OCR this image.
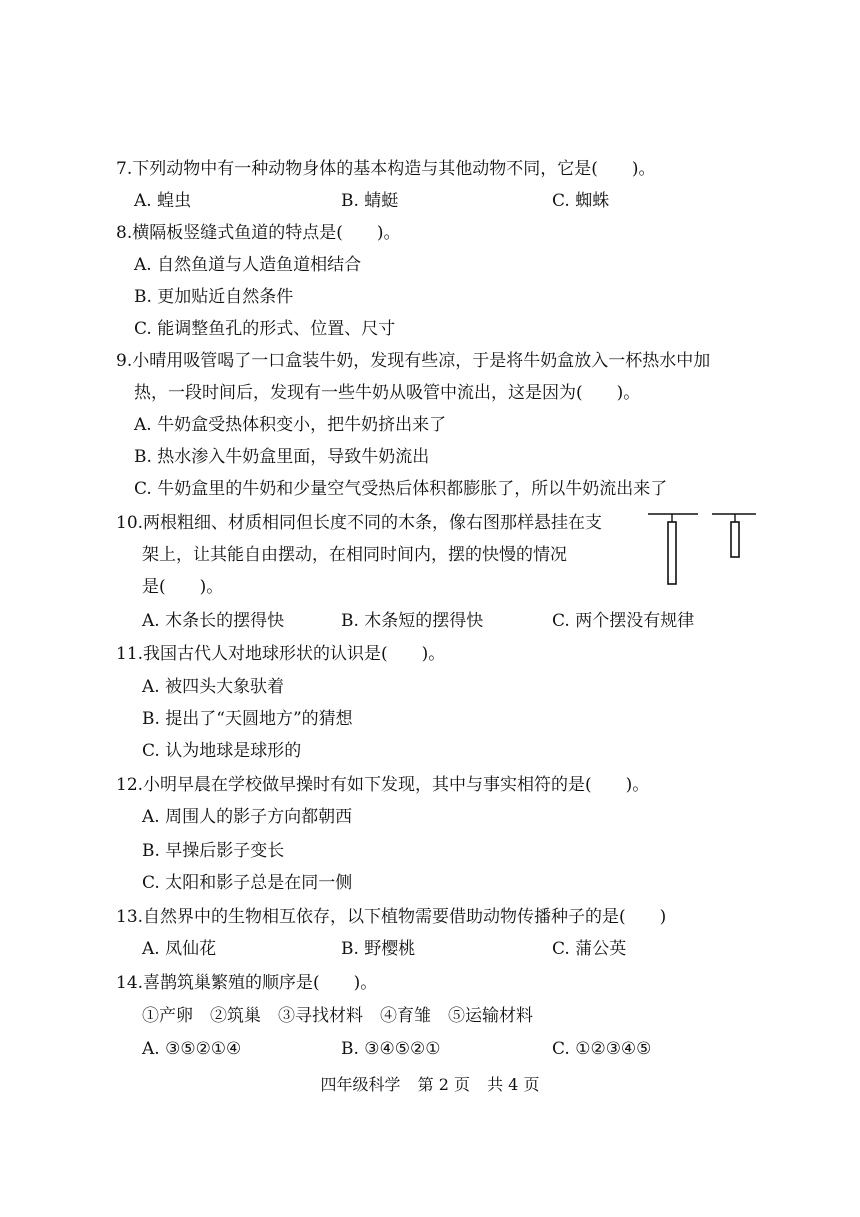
7.下列动物中有一种动物身体的基本构造与其他动物不同，它是(　　)。
A. 蝗虫	B. 蜻蜓	C. 蜘蛛
8.横隔板竖缝式鱼道的特点是(　　)。
A. 自然鱼道与人造鱼道相结合
B. 更加贴近自然条件
C. 能调整鱼孔的形式、位置、尺寸
9.小晴用吸管喝了一口盒装牛奶，发现有些凉，于是将牛奶盒放入一杯热水中加
热，一段时间后，发现有一些牛奶从吸管中流出，这是因为(　　)。
A. 牛奶盒受热体积变小，把牛奶挤出来了
B. 热水渗入牛奶盒里面，导致牛奶流出
C. 牛奶盒里的牛奶和少量空气受热后体积都膨胀了，所以牛奶流出来了
10.两根粗细、材质相同但长度不同的木条，像右图那样悬挂在支
架上，让其能自由摆动，在相同时间内，摆的快慢的情况
是(　　)。
A. 木条长的摆得快	B. 木条短的摆得快	C. 两个摆没有规律
11.我国古代人对地球形状的认识是(　　)。
A. 被四头大象驮着
B. 提出了“天圆地方”的猜想
C. 认为地球是球形的
12.小明早晨在学校做早操时有如下发现，其中与事实相符的是(　　)。
A. 周围人的影子方向都朝西
B. 早操后影子变长
C. 太阳和影子总是在同一侧
13.自然界中的生物相互依存，以下植物需要借助动物传播种子的是(　　)
A. 凤仙花	B. 野樱桃	C. 蒲公英
14.喜鹊筑巢繁殖的顺序是(　　)。
①产卵　②筑巢　③寻找材料　④育雏　⑤运输材料
A. ③⑤②①④	B. ③④⑤②①	C. ①②③④⑤
四年级科学 第 2 页 共 4 页
